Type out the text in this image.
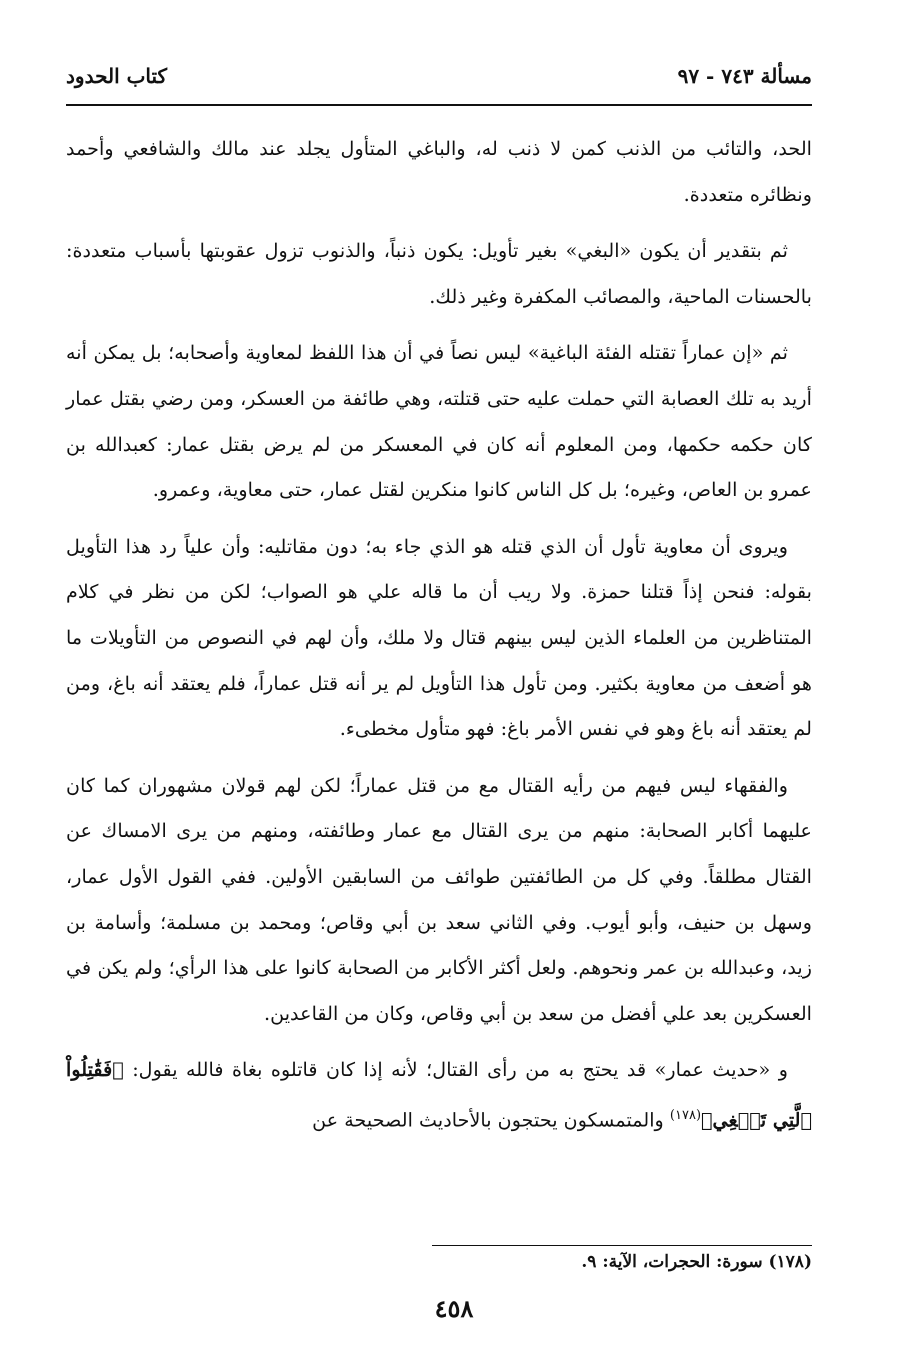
مسألة ٧٤٣ - ٩٧
كتاب الحدود

الحد، والتائب من الذنب كمن لا ذنب له، والباغي المتأول يجلد عند مالك والشافعي وأحمد ونظائره متعددة.

ثم بتقدير أن يكون «البغي» بغير تأويل: يكون ذنباً، والذنوب تزول عقوبتها بأسباب متعددة: بالحسنات الماحية، والمصائب المكفرة وغير ذلك.

ثم «إن عماراً تقتله الفئة الباغية» ليس نصاً في أن هذا اللفظ لمعاوية وأصحابه؛ بل يمكن أنه أريد به تلك العصابة التي حملت عليه حتى قتلته، وهي طائفة من العسكر، ومن رضي بقتل عمار كان حكمه حكمها، ومن المعلوم أنه كان في المعسكر من لم يرض بقتل عمار: كعبدالله بن عمرو بن العاص، وغيره؛ بل كل الناس كانوا منكرين لقتل عمار، حتى معاوية، وعمرو.

ويروى أن معاوية تأول أن الذي قتله هو الذي جاء به؛ دون مقاتليه: وأن علياً رد هذا التأويل بقوله: فنحن إذاً قتلنا حمزة. ولا ريب أن ما قاله علي هو الصواب؛ لكن من نظر في كلام المتناظرين من العلماء الذين ليس بينهم قتال ولا ملك، وأن لهم في النصوص من التأويلات ما هو أضعف من معاوية بكثير. ومن تأول هذا التأويل لم ير أنه قتل عماراً، فلم يعتقد أنه باغ، ومن لم يعتقد أنه باغ وهو في نفس الأمر باغ: فهو متأول مخطىء.

والفقهاء ليس فيهم من رأيه القتال مع من قتل عماراً؛ لكن لهم قولان مشهوران كما كان عليهما أكابر الصحابة: منهم من يرى القتال مع عمار وطائفته، ومنهم من يرى الامساك عن القتال مطلقاً. وفي كل من الطائفتين طوائف من السابقين الأولين. ففي القول الأول عمار، وسهل بن حنيف، وأبو أيوب. وفي الثاني سعد بن أبي وقاص؛ ومحمد بن مسلمة؛ وأسامة بن زيد، وعبدالله بن عمر ونحوهم. ولعل أكثر الأكابر من الصحابة كانوا على هذا الرأي؛ ولم يكن في العسكرين بعد علي أفضل من سعد بن أبي وقاص، وكان من القاعدين.

و «حديث عمار» قد يحتج به من رأى القتال؛ لأنه إذا كان قاتلوه بغاة فالله يقول: ﴿فَقَٰتِلُواْ ٱلَّتِي تَبۡغِي﴾$^{(١٧٨)}$ والمتمسكون يحتجون بالأحاديث الصحيحة عن

(١٧٨) سورة: الحجرات، الآية: ٩.
٤٥٨
